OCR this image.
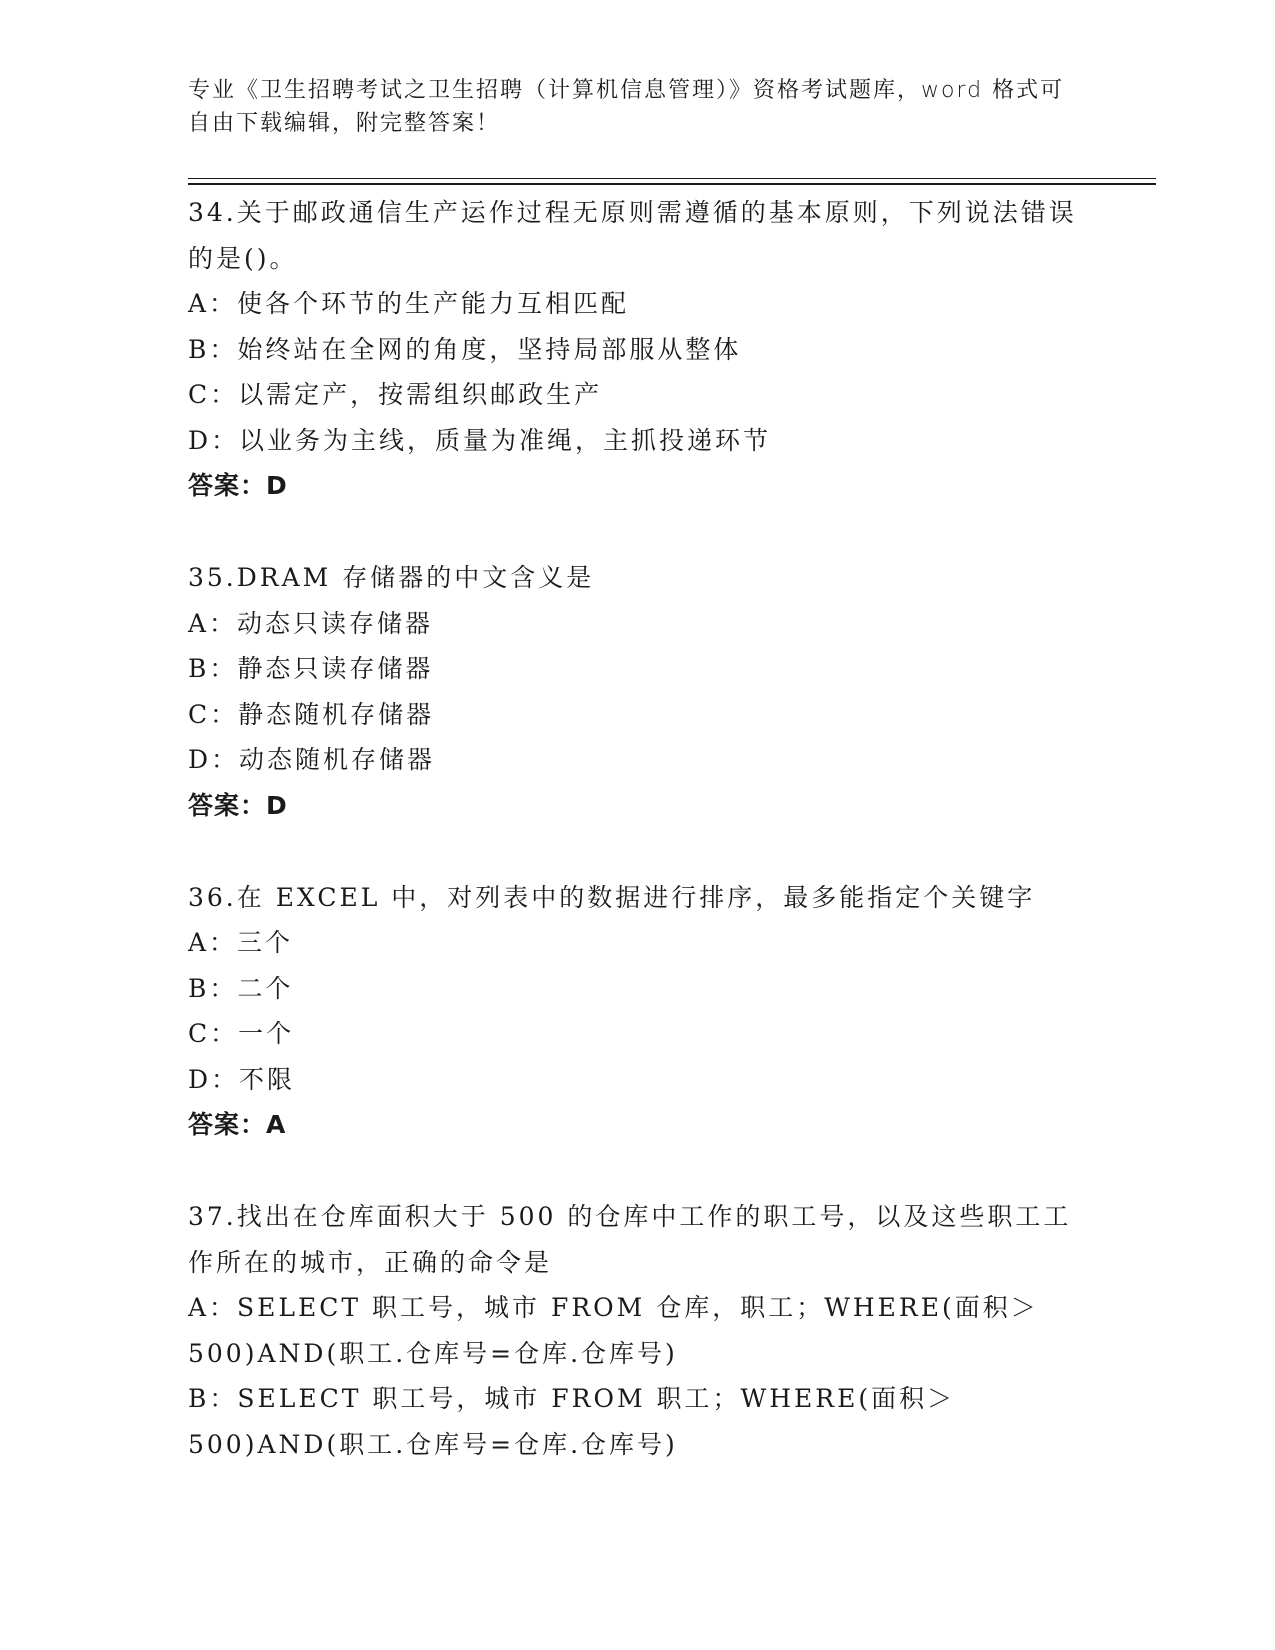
专业《卫生招聘考试之卫生招聘（计算机信息管理）》资格考试题库，word 格式可自由下载编辑，附完整答案！
34.关于邮政通信生产运作过程无原则需遵循的基本原则，下列说法错误的是()。
A：使各个环节的生产能力互相匹配
B：始终站在全网的角度，坚持局部服从整体
C：以需定产，按需组织邮政生产
D：以业务为主线，质量为准绳，主抓投递环节
答案：D
35.DRAM 存储器的中文含义是
A：动态只读存储器
B：静态只读存储器
C：静态随机存储器
D：动态随机存储器
答案：D
36.在 EXCEL 中，对列表中的数据进行排序，最多能指定个关键字
A：三个
B：二个
C：一个
D：不限
答案：A
37.找出在仓库面积大于 500 的仓库中工作的职工号，以及这些职工工作所在的城市，正确的命令是
A：SELECT 职工号，城市 FROM 仓库，职工；WHERE(面积＞500)AND(职工.仓库号=仓库.仓库号)
B：SELECT 职工号，城市 FROM 职工；WHERE(面积＞500)AND(职工.仓库号=仓库.仓库号)
